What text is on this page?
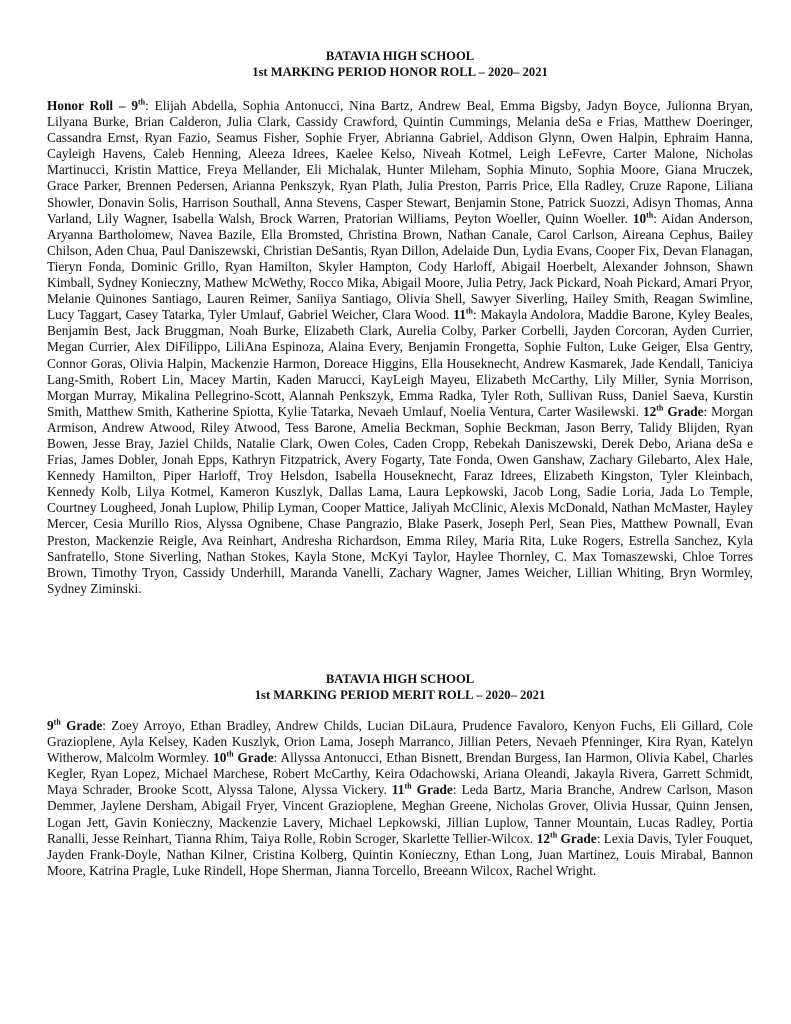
BATAVIA HIGH SCHOOL
1st MARKING PERIOD HONOR ROLL – 2020– 2021

Honor Roll – 9th: Elijah Abdella, Sophia Antonucci, Nina Bartz, Andrew Beal, Emma Bigsby, Jadyn Boyce, Julionna Bryan, Lilyana Burke, Brian Calderon, Julia Clark, Cassidy Crawford, Quintin Cummings, Melania deSa e Frias, Matthew Doeringer, Cassandra Ernst, Ryan Fazio, Seamus Fisher, Sophie Fryer, Abrianna Gabriel, Addison Glynn, Owen Halpin, Ephraim Hanna, Cayleigh Havens, Caleb Henning, Aleeza Idrees, Kaelee Kelso, Niveah Kotmel, Leigh LeFevre, Carter Malone, Nicholas Martinucci, Kristin Mattice, Freya Mellander, Eli Michalak, Hunter Mileham, Sophia Minuto, Sophia Moore, Giana Mruczek, Grace Parker, Brennen Pedersen, Arianna Penkszyk, Ryan Plath, Julia Preston, Parris Price, Ella Radley, Cruze Rapone, Liliana Showler, Donavin Solis, Harrison Southall, Anna Stevens, Casper Stewart, Benjamin Stone, Patrick Suozzi, Adisyn Thomas, Anna Varland, Lily Wagner, Isabella Walsh, Brock Warren, Pratorian Williams, Peyton Woeller, Quinn Woeller. 10th: Aidan Anderson, Aryanna Bartholomew, Navea Bazile, Ella Bromsted, Christina Brown, Nathan Canale, Carol Carlson, Aireana Cephus, Bailey Chilson, Aden Chua, Paul Daniszewski, Christian DeSantis, Ryan Dillon, Adelaide Dun, Lydia Evans, Cooper Fix, Devan Flanagan, Tieryn Fonda, Dominic Grillo, Ryan Hamilton, Skyler Hampton, Cody Harloff, Abigail Hoerbelt, Alexander Johnson, Shawn Kimball, Sydney Konieczny, Mathew McWethy, Rocco Mika, Abigail Moore, Julia Petry, Jack Pickard, Noah Pickard, Amari Pryor, Melanie Quinones Santiago, Lauren Reimer, Saniiya Santiago, Olivia Shell, Sawyer Siverling, Hailey Smith, Reagan Swimline, Lucy Taggart, Casey Tatarka, Tyler Umlauf, Gabriel Weicher, Clara Wood. 11th: Makayla Andolora, Maddie Barone, Kyley Beales, Benjamin Best, Jack Bruggman, Noah Burke, Elizabeth Clark, Aurelia Colby, Parker Corbelli, Jayden Corcoran, Ayden Currier, Megan Currier, Alex DiFilippo, LiliAna Espinoza, Alaina Every, Benjamin Frongetta, Sophie Fulton, Luke Geiger, Elsa Gentry, Connor Goras, Olivia Halpin, Mackenzie Harmon, Doreace Higgins, Ella Houseknecht, Andrew Kasmarek, Jade Kendall, Taniciya Lang-Smith, Robert Lin, Macey Martin, Kaden Marucci, KayLeigh Mayeu, Elizabeth McCarthy, Lily Miller, Synia Morrison, Morgan Murray, Mikalina Pellegrino-Scott, Alannah Penkszyk, Emma Radka, Tyler Roth, Sullivan Russ, Daniel Saeva, Kurstin Smith, Matthew Smith, Katherine Spiotta, Kylie Tatarka, Nevaeh Umlauf, Noelia Ventura, Carter Wasilewski. 12th Grade: Morgan Armison, Andrew Atwood, Riley Atwood, Tess Barone, Amelia Beckman, Sophie Beckman, Jason Berry, Talidy Blijden, Ryan Bowen, Jesse Bray, Jaziel Childs, Natalie Clark, Owen Coles, Caden Cropp, Rebekah Daniszewski, Derek Debo, Ariana deSa e Frias, James Dobler, Jonah Epps, Kathryn Fitzpatrick, Avery Fogarty, Tate Fonda, Owen Ganshaw, Zachary Gilebarto, Alex Hale, Kennedy Hamilton, Piper Harloff, Troy Helsdon, Isabella Houseknecht, Faraz Idrees, Elizabeth Kingston, Tyler Kleinbach, Kennedy Kolb, Lilya Kotmel, Kameron Kuszlyk, Dallas Lama, Laura Lepkowski, Jacob Long, Sadie Loria, Jada Lo Temple, Courtney Lougheed, Jonah Luplow, Philip Lyman, Cooper Mattice, Jaliyah McClinic, Alexis McDonald, Nathan McMaster, Hayley Mercer, Cesia Murillo Rios, Alyssa Ognibene, Chase Pangrazio, Blake Paserk, Joseph Perl, Sean Pies, Matthew Pownall, Evan Preston, Mackenzie Reigle, Ava Reinhart, Andresha Richardson, Emma Riley, Maria Rita, Luke Rogers, Estrella Sanchez, Kyla Sanfratello, Stone Siverling, Nathan Stokes, Kayla Stone, McKyi Taylor, Haylee Thornley, C. Max Tomaszewski, Chloe Torres Brown, Timothy Tryon, Cassidy Underhill, Maranda Vanelli, Zachary Wagner, James Weicher, Lillian Whiting, Bryn Wormley, Sydney Ziminski.

BATAVIA HIGH SCHOOL
1st MARKING PERIOD MERIT ROLL – 2020– 2021

9th Grade: Zoey Arroyo, Ethan Bradley, Andrew Childs, Lucian DiLaura, Prudence Favaloro, Kenyon Fuchs, Eli Gillard, Cole Grazioplene, Ayla Kelsey, Kaden Kuszlyk, Orion Lama, Joseph Marranco, Jillian Peters, Nevaeh Pfenninger, Kira Ryan, Katelyn Witherow, Malcolm Wormley. 10th Grade: Allyssa Antonucci, Ethan Bisnett, Brendan Burgess, Ian Harmon, Olivia Kabel, Charles Kegler, Ryan Lopez, Michael Marchese, Robert McCarthy, Keira Odachowski, Ariana Oleandi, Jakayla Rivera, Garrett Schmidt, Maya Schrader, Brooke Scott, Alyssa Talone, Alyssa Vickery. 11th Grade: Leda Bartz, Maria Branche, Andrew Carlson, Mason Demmer, Jaylene Dersham, Abigail Fryer, Vincent Grazioplene, Meghan Greene, Nicholas Grover, Olivia Hussar, Quinn Jensen, Logan Jett, Gavin Konieczny, Mackenzie Lavery, Michael Lepkowski, Jillian Luplow, Tanner Mountain, Lucas Radley, Portia Ranalli, Jesse Reinhart, Tianna Rhim, Taiya Rolle, Robin Scroger, Skarlette Tellier-Wilcox. 12th Grade: Lexia Davis, Tyler Fouquet, Jayden Frank-Doyle, Nathan Kilner, Cristina Kolberg, Quintin Konieczny, Ethan Long, Juan Martinez, Louis Mirabal, Bannon Moore, Katrina Pragle, Luke Rindell, Hope Sherman, Jianna Torcello, Breeann Wilcox, Rachel Wright.
